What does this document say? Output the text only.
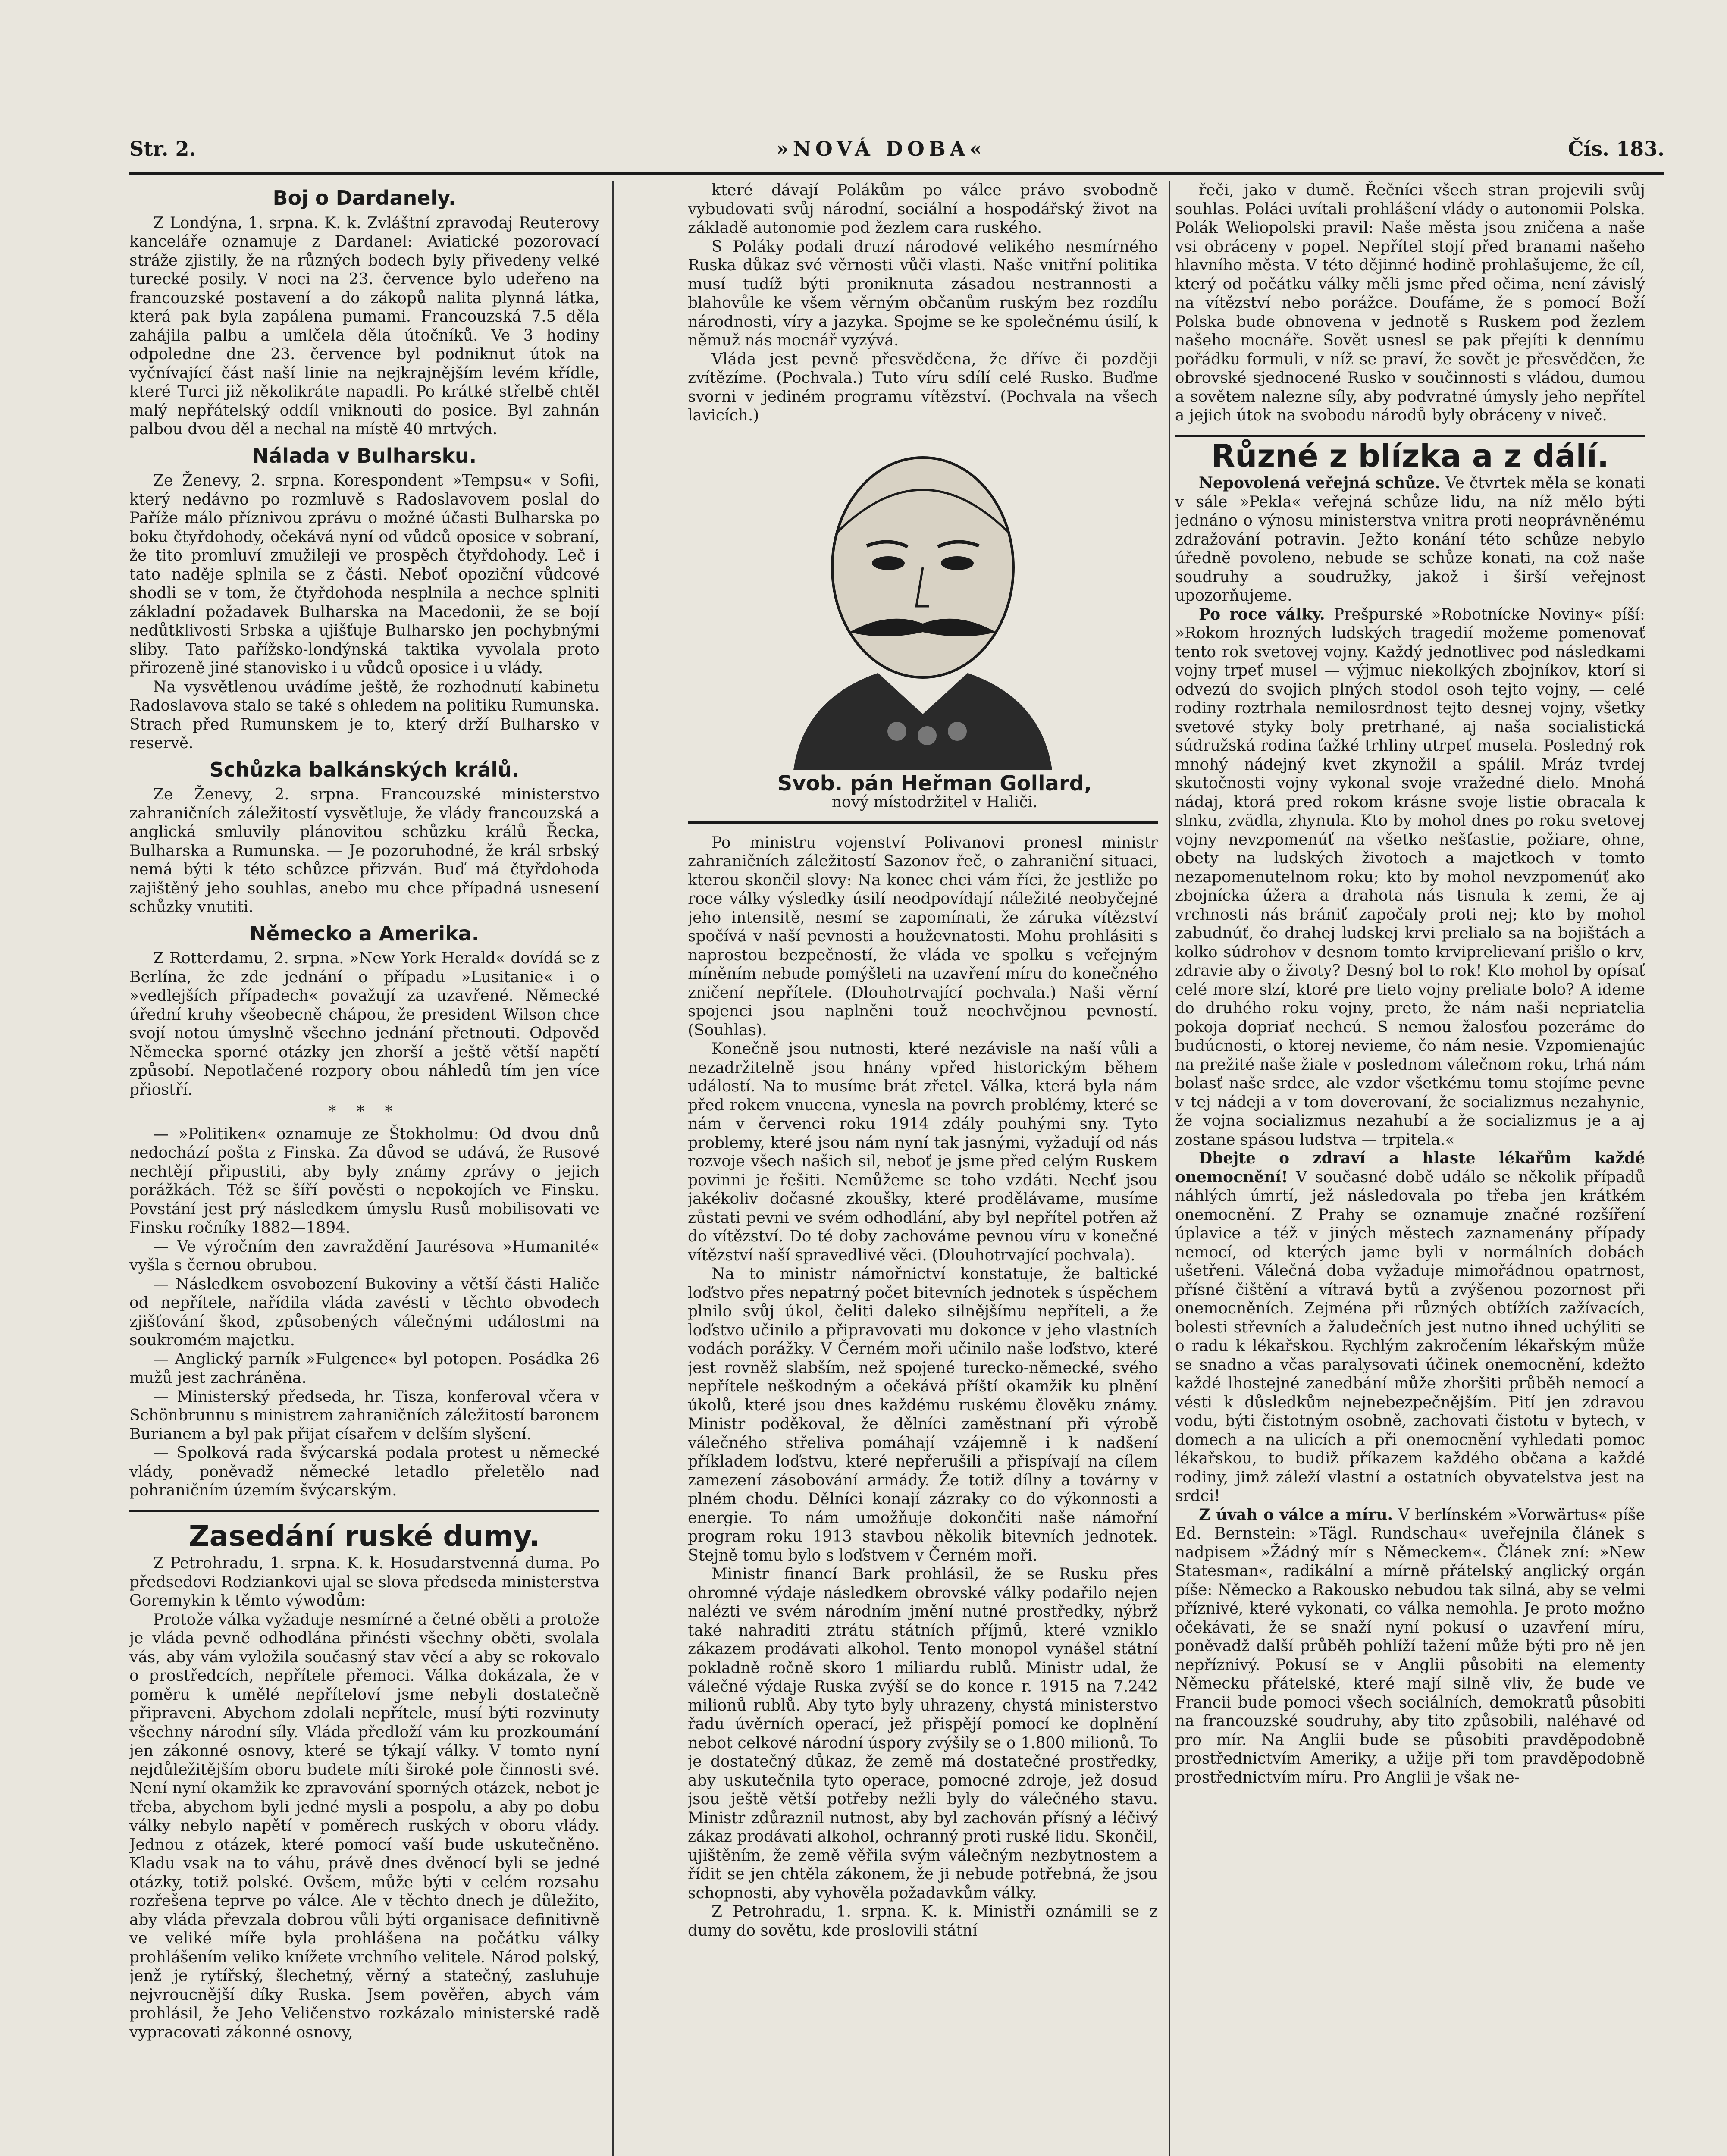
Str. 2.	»NOVÁ DOBA«	Čís. 183.
Boj o Dardanely.

Z Londýna, 1. srpna. K. k. Zvláštní zpravodaj Reuterovy kanceláře oznamuje z Dardanel: Aviatické pozorovací stráže zjistily, že na různých bodech byly přivedeny velké turecké posily. V noci na 23. července bylo udeřeno na francouzské postavení a do zákopů nalita plynná látka, která pak byla zapálena pumami. Francouzská 7.5 děla zahájila palbu a umlčela děla útočníků. Ve 3 hodiny odpoledne dne 23. července byl podniknut útok na vyčnívající část naší linie na nejkrajnějším levém křídle, které Turci již několikráte napadli. Po krátké střelbě chtěl malý nepřátelský oddíl vniknouti do posice. Byl zahnán palbou dvou děl a nechal na místě 40 mrtvých.

Nálada v Bulharsku.

Ze Ženevy, 2. srpna. Korespondent »Tempsu« v Sofii, který nedávno po rozmluvě s Radoslavovem poslal do Paříže málo příznivou zprávu o možné účasti Bulharska po boku čtyřdohody, očekává nyní od vůdců oposice v sobraní, že tito promluví zmužileji ve prospěch čtyřdohody. Leč i tato naděje splnila se z části. Neboť opoziční vůdcové shodli se v tom, že čtyřdohoda nesplnila a nechce splniti základní požadavek Bulharska na Macedonii, že se bojí nedůtklivosti Srbska a ujišťuje Bulharsko jen pochybnými sliby. Tato pařížsko-londýnská taktika vyvolala proto přirozeně jiné stanovisko i u vůdců oposice i u vlády.

Na vysvětlenou uvádíme ještě, že rozhodnutí kabinetu Radoslavova stalo se také s ohledem na politiku Rumunska. Strach před Rumunskem je to, který drží Bulharsko v reservě.

Schůzka balkánských králů.

Ze Ženevy, 2. srpna. Francouzské ministerstvo zahraničních záležitostí vysvětluje, že vlády francouzská a anglická smluvily plánovitou schůzku králů Řecka, Bulharska a Rumunska. — Je pozoruhodné, že král srbský nemá býti k této schůzce přizván. Buď má čtyřdohoda zajištěný jeho souhlas, anebo mu chce případná usnesení schůzky vnutiti.

Německo a Amerika.

Z Rotterdamu, 2. srpna. »New York Herald« dovídá se z Berlína, že zde jednání o případu »Lusitanie« i o »vedlejších případech« považují za uzavřené. Německé úřední kruhy všeobecně chápou, že president Wilson chce svojí notou úmyslně všechno jednání přetnouti. Odpověď Německa sporné otázky jen zhorší a ještě větší napětí způsobí. Nepotlačené rozpory obou náhledů tím jen více přiostří.

* * *

— »Politiken« oznamuje ze Štokholmu: Od dvou dnů nedochází pošta z Finska. Za důvod se udává, že Rusové nechtějí připustiti, aby byly známy zprávy o jejich porážkách. Též se šíří pověsti o nepokojích ve Finsku. Povstání jest prý následkem úmyslu Rusů mobilisovati ve Finsku ročníky 1882—1894.

— Ve výročním den zavraždění Jaurésova »Humanité« vyšla s černou obrubou.

— Následkem osvobození Bukoviny a větší části Haliče od nepřítele, nařídila vláda zavésti v těchto obvodech zjišťování škod, způsobených válečnými událostmi na soukromém majetku.

— Anglický parník »Fulgence« byl potopen. Posádka 26 mužů jest zachráněna.

— Ministerský předseda, hr. Tisza, konferoval včera v Schönbrunnu s ministrem zahraničních záležitostí baronem Burianem a byl pak přijat císařem v delším slyšení.

— Spolková rada švýcarská podala protest u německé vlády, poněvadž německé letadlo přeletělo nad pohraničním územím švýcarským.

Zasedání ruské dumy.

Z Petrohradu, 1. srpna. K. k. Hosudarstvenná duma. Po předsedovi Rodziankovi ujal se slova předseda ministerstva Goremykin k těmto výwodům:

Protože válka vyžaduje nesmírné a četné oběti a protože je vláda pevně odhodlána přinésti všechny oběti, svolala vás, aby vám vyložila současný stav věcí a aby se rokovalo o prostředcích, nepřítele přemoci. Válka dokázala, že v poměru k umělé nepříteloví jsme nebyli dostatečně připraveni. Abychom zdolali nepřítele, musí býti rozvinuty všechny národní síly. Vláda předloží vám ku prozkoumání jen zákonné osnovy, které se týkají války. V tomto nyní nejdůležitějším oboru budete míti široké pole činnosti své. Není nyní okamžik ke zpravování sporných otázek, nebot je třeba, abychom byli jedné mysli a pospolu, a aby po dobu války nebylo napětí v poměrech ruských v oboru vlády. Jednou z otázek, které pomocí vaší bude uskutečněno. Kladu vsak na to váhu, právě dnes dvěnocí byli se jedné otázky, totiž polské. Ovšem, může býti v celém rozsahu rozřešena teprve po válce. Ale v těchto dnech je důležito, aby vláda převzala dobrou vůli býti organisace definitivně ve veliké míře byla prohlášena na počátku války prohlášením veliko knížete vrchního velitele. Národ polský, jenž je rytířský, šlechetný, věrný a statečný, zasluhuje nejvroucnější díky Ruska. Jsem pověřen, abych vám prohlásil, že Jeho Veličenstvo rozkázalo ministerské radě vypracovati zákonné osnovy,

které dávají Polákům po válce právo svobodně vybudovati svůj národní, sociální a hospodářský život na základě autonomie pod žezlem cara ruského.

S Poláky podali druzí národové velikého nesmírného Ruska důkaz své věrnosti vůči vlasti. Naše vnitřní politika musí tudíž býti proniknuta zásadou nestrannosti a blahovůle ke všem věrným občanům ruským bez rozdílu národnosti, víry a jazyka. Spojme se ke společnému úsilí, k němuž nás mocnář vyzývá.

Vláda jest pevně přesvědčena, že dříve či později zvítězíme. (Pochvala.) Tuto víru sdílí celé Rusko. Buďme svorni v jediném programu vítězství. (Pochvala na všech lavicích.)

Svob. pán Heřman Gollard,

nový místodržitel v Haliči.

Po ministru vojenství Polivanovi pronesl ministr zahraničních záležitostí Sazonov řeč, o zahraniční situaci, kterou skončil slovy: Na konec chci vám říci, že jestliže po roce války výsledky úsilí neodpovídají náležité neobyčejné jeho intensitě, nesmí se zapomínati, že záruka vítězství spočívá v naší pevnosti a houževnatosti. Mohu prohlásiti s naprostou bezpečností, že vláda ve spolku s veřejným míněním nebude pomýšleti na uzavření míru do konečného zničení nepřítele. (Dlouhotrvající pochvala.) Naši věrní spojenci jsou naplněni touž neochvějnou pevností. (Souhlas).

Konečně jsou nutnosti, které nezávisle na naší vůli a nezadržitelně jsou hnány vpřed historickým během událostí. Na to musíme brát zřetel. Válka, která byla nám před rokem vnucena, vynesla na povrch problémy, které se nám v červenci roku 1914 zdály pouhými sny. Tyto problemy, které jsou nám nyní tak jasnými, vyžadují od nás rozvoje všech našich sil, neboť je jsme před celým Ruskem povinni je řešiti. Nemůžeme se toho vzdáti. Nechť jsou jakékoliv dočasné zkoušky, které prodělávame, musíme zůstati pevni ve svém odhodlání, aby byl nepřítel potřen až do vítězství. Do té doby zachováme pevnou víru v konečné vítězství naší spravedlivé věci. (Dlouhotrvající pochvala).

Na to ministr námořnictví konstatuje, že baltické loďstvo přes nepatrný počet bitevních jednotek s úspěchem plnilo svůj úkol, čeliti daleko silnějšímu nepříteli, a že loďstvo učinilo a připravovati mu dokonce v jeho vlastních vodách porážky. V Černém moři učinilo naše loďstvo, které jest rovněž slabším, než spojené turecko-německé, svého nepřítele neškodným a očekává příští okamžik ku plnění úkolů, které jsou dnes každému ruskému člověku známy. Ministr poděkoval, že dělníci zaměstnaní při výrobě válečného střeliva pomáhají vzájemně i k nadšení příkladem loďstvu, které nepřerušili a přispívají na cílem zamezení zásobování armády. Že totiž dílny a továrny v plném chodu. Dělníci konají zázraky co do výkonnosti a energie. To nám umožňuje dokončiti naše námořní program roku 1913 stavbou několik bitevních jednotek. Stejně tomu bylo s loďstvem v Černém moři.

Ministr financí Bark prohlásil, že se Rusku přes ohromné výdaje následkem obrovské války podařilo nejen nalézti ve svém národním jmění nutné prostředky, nýbrž také nahraditi ztrátu státních příjmů, které vzniklo zákazem prodávati alkohol. Tento monopol vynášel státní pokladně ročně skoro 1 miliardu rublů. Ministr udal, že válečné výdaje Ruska zvýší se do konce r. 1915 na 7.242 milionů rublů. Aby tyto byly uhrazeny, chystá ministerstvo řadu úvěrních operací, jež přispějí pomocí ke doplnění nebot celkové národní úspory zvýšily se o 1.800 milionů. To je dostatečný důkaz, že země má dostatečné prostředky, aby uskutečnila tyto operace, pomocné zdroje, jež dosud jsou ještě větší potřeby nežli byly do válečného stavu. Ministr zdůraznil nutnost, aby byl zachován přísný a léčivý zákaz prodávati alkohol, ochranný proti ruské lidu. Skončil, ujištěním, že země věřila svým válečným nezbytnostem a řídit se jen chtěla zákonem, že ji nebude potřebná, že jsou schopnosti, aby vyhověla požadavkům války.

Z Petrohradu, 1. srpna. K. k. Ministři oznámili se z dumy do sovětu, kde proslovili státní

řeči, jako v dumě. Řečníci všech stran projevili svůj souhlas. Poláci uvítali prohlášení vlády o autonomii Polska. Polák Weliopolski pravil: Naše města jsou zničena a naše vsi obráceny v popel. Nepřítel stojí před branami našeho hlavního města. V této dějinné hodině prohlašujeme, že cíl, který od počátku války měli jsme před očima, není závislý na vítězství nebo porážce. Doufáme, že s pomocí Boží Polska bude obnovena v jednotě s Ruskem pod žezlem našeho mocnáře. Sovět usnesl se pak přejíti k dennímu pořádku formuli, v níž se praví, že sovět je přesvědčen, že obrovské sjednocené Rusko v součinnosti s vládou, dumou a sovětem nalezne síly, aby podvratné úmysly jeho nepřítel a jejich útok na svobodu národů byly obráceny v niveč.

Různé z blízka a z dálí.

Nepovolená veřejná schůze. Ve čtvrtek měla se konati v sále »Pekla« veřejná schůze lidu, na níž mělo býti jednáno o výnosu ministerstva vnitra proti neoprávněnému zdražování potravin. Ježto konání této schůze nebylo úředně povoleno, nebude se schůze konati, na což naše soudruhy a soudružky, jakož i širší veřejnost upozorňujeme.

Po roce války. Prešpurské »Robotnícke Noviny« píší: »Rokom hrozných ludských tragedií možeme pomenovať tento rok svetovej vojny. Každý jednotlivec pod následkami vojny trpeť musel — výjmuc niekolkých zbojníkov, ktorí si odvezú do svojich plných stodol osoh tejto vojny, — celé rodiny roztrhala nemilosrdnost tejto desnej vojny, všetky svetové styky boly pretrhané, aj naša socialistická súdružská rodina ťažké trhliny utrpeť musela. Posledný rok mnohý nádejný kvet zkynožil a spálil. Mráz tvrdej skutočnosti vojny vykonal svoje vražedné dielo. Mnohá nádaj, ktorá pred rokom krásne svoje listie obracala k slnku, zvädla, zhynula. Kto by mohol dnes po roku svetovej vojny nevzpomenúť na všetko nešťastie, požiare, ohne, obety na ludských životoch a majetkoch v tomto nezapomenutelnom roku; kto by mohol nevzpomenúť ako zbojnícka úžera a drahota nás tisnula k zemi, že aj vrchnosti nás brániť započaly proti nej; kto by mohol zabudnúť, čo drahej ludskej krvi prelialo sa na bojištách a kolko súdrohov v desnom tomto krviprelievaní prišlo o krv, zdravie aby o životy? Desný bol to rok! Kto mohol by opísať celé more slzí, ktoré pre tieto vojny preliate bolo? A ideme do druhého roku vojny, preto, že nám naši nepriatelia pokoja dopriať nechcú. S nemou žalosťou pozeráme do budúcnosti, o ktorej nevieme, čo nám nesie. Vzpomienajúc na prežité naše žiale v poslednom válečnom roku, trhá nám bolasť naše srdce, ale vzdor všetkému tomu stojíme pevne v tej nádeji a v tom doverovaní, že socializmus nezahynie, že vojna socializmus nezahubí a že socializmus je a aj zostane spásou ludstva — trpitela.«

Dbejte o zdraví a hlaste lékařům každé onemocnění! V současné době událo se několik případů náhlých úmrtí, jež následovala po třeba jen krátkém onemocnění. Z Prahy se oznamuje značné rozšíření úplavice a též v jiných městech zaznamenány případy nemocí, od kterých jame byli v normálních dobách ušetřeni. Válečná doba vyžaduje mimořádnou opatrnost, přísné čištění a vítravá bytů a zvýšenou pozornost při onemocněních. Zejména při různých obtížích zažívacích, bolesti střevních a žaludečních jest nutno ihned uchýliti se o radu k lékařskou. Rychlým zakročením lékařským může se snadno a včas paralysovati účinek onemocnění, kdežto každé lhostejné zanedbání může zhoršiti průběh nemocí a vésti k důsledkům nejnebezpečnějším. Pití jen zdravou vodu, býti čistotným osobně, zachovati čistotu v bytech, v domech a na ulicích a při onemocnění vyhledati pomoc lékařskou, to budiž příkazem každého občana a každé rodiny, jimž záleží vlastní a ostatních obyvatelstva jest na srdci!

Z úvah o válce a míru. V berlínském »Vorwärtus« píše Ed. Bernstein: »Tägl. Rundschau« uveřejnila článek s nadpisem »Žádný mír s Německem«. Článek zní: »New Statesman«, radikální a mírně přátelský anglický orgán píše: Německo a Rakousko nebudou tak silná, aby se velmi příznivé, které vykonati, co válka nemohla. Je proto možno očekávati, že se snaží nyní pokusí o uzavření míru, poněvadž další průběh pohlíží tažení může býti pro ně jen nepříznivý. Pokusí se v Anglii působiti na elementy Německu přátelské, které mají silně vliv, že bude ve Francii bude pomoci všech sociálních, demokratů působiti na francouzské soudruhy, aby tito způsobili, naléhavé od pro mír. Na Anglii bude se působiti pravděpodobně prostřednictvím Ameriky, a užije při tom pravděpodobně prostřednictvím míru. Pro Anglii je však ne-
